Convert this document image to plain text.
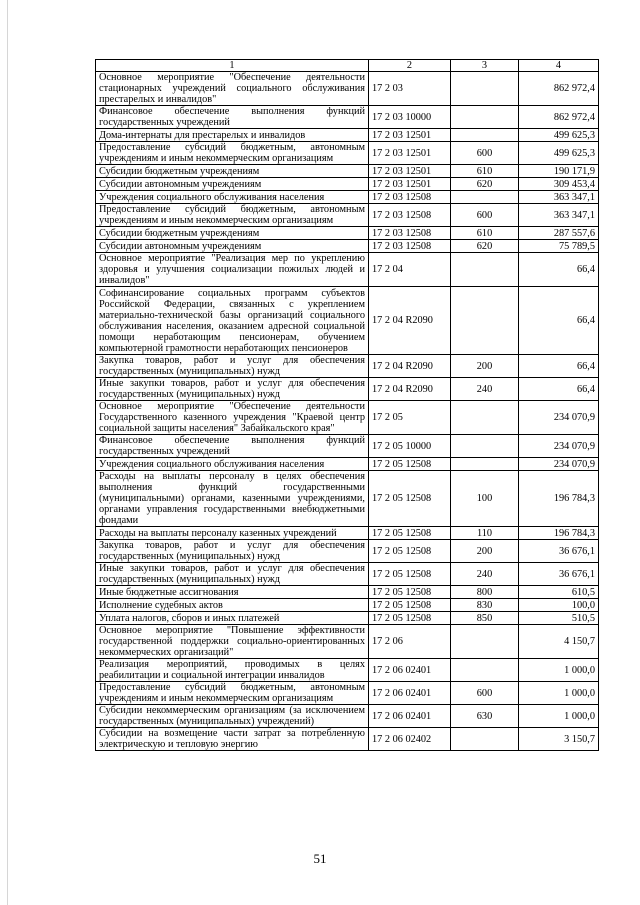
1	2	3	4
Основное мероприятие "Обеспечение деятельности стационарных учреждений социального обслуживания престарелых и инвалидов"	17 2 03		862 972,4
Финансовое обеспечение выполнения функций государственных учреждений	17 2 03 10000		862 972,4
Дома-интернаты для престарелых и инвалидов	17 2 03 12501		499 625,3
Предоставление субсидий бюджетным, автономным учреждениям и иным некоммерческим организациям	17 2 03 12501	600	499 625,3
Субсидии бюджетным учреждениям	17 2 03 12501	610	190 171,9
Субсидии автономным учреждениям	17 2 03 12501	620	309 453,4
Учреждения социального обслуживания населения	17 2 03 12508		363 347,1
Предоставление субсидий бюджетным, автономным учреждениям и иным некоммерческим организациям	17 2 03 12508	600	363 347,1
Субсидии бюджетным учреждениям	17 2 03 12508	610	287 557,6
Субсидии автономным учреждениям	17 2 03 12508	620	75 789,5
Основное мероприятие "Реализация мер по укреплению здоровья и улучшения социализации пожилых людей и инвалидов"	17 2 04		66,4
Софинансирование социальных программ субъектов Российской Федерации, связанных с укреплением материально-технической базы организаций социального обслуживания населения, оказанием адресной социальной помощи неработающим пенсионерам, обучением компьютерной грамотности неработающих пенсионеров	17 2 04 R2090		66,4
Закупка товаров, работ и услуг для обеспечения государственных (муниципальных) нужд	17 2 04 R2090	200	66,4
Иные закупки товаров, работ и услуг для обеспечения государственных (муниципальных) нужд	17 2 04 R2090	240	66,4
Основное мероприятие "Обеспечение деятельности Государственного казенного учреждения "Краевой центр социальной защиты населения" Забайкальского края"	17 2 05		234 070,9
Финансовое обеспечение выполнения функций государственных учреждений	17 2 05 10000		234 070,9
Учреждения социального обслуживания населения	17 2 05 12508		234 070,9
Расходы на выплаты персоналу в целях обеспечения выполнения функций государственными (муниципальными) органами, казенными учреждениями, органами управления государственными внебюджетными фондами	17 2 05 12508	100	196 784,3
Расходы на выплаты персоналу казенных учреждений	17 2 05 12508	110	196 784,3
Закупка товаров, работ и услуг для обеспечения государственных (муниципальных) нужд	17 2 05 12508	200	36 676,1
Иные закупки товаров, работ и услуг для обеспечения государственных (муниципальных) нужд	17 2 05 12508	240	36 676,1
Иные бюджетные ассигнования	17 2 05 12508	800	610,5
Исполнение судебных актов	17 2 05 12508	830	100,0
Уплата налогов, сборов и иных платежей	17 2 05 12508	850	510,5
Основное мероприятие "Повышение эффективности государственной поддержки социально-ориентированных некоммерческих организаций"	17 2 06		4 150,7
Реализация мероприятий, проводимых в целях реабилитации и социальной интеграции инвалидов	17 2 06 02401		1 000,0
Предоставление субсидий бюджетным, автономным учреждениям и иным некоммерческим организациям	17 2 06 02401	600	1 000,0
Субсидии некоммерческим организациям (за исключением государственных (муниципальных) учреждений)	17 2 06 02401	630	1 000,0
Субсидии на возмещение части затрат за потребленную электрическую и тепловую энергию	17 2 06 02402		3 150,7
51
